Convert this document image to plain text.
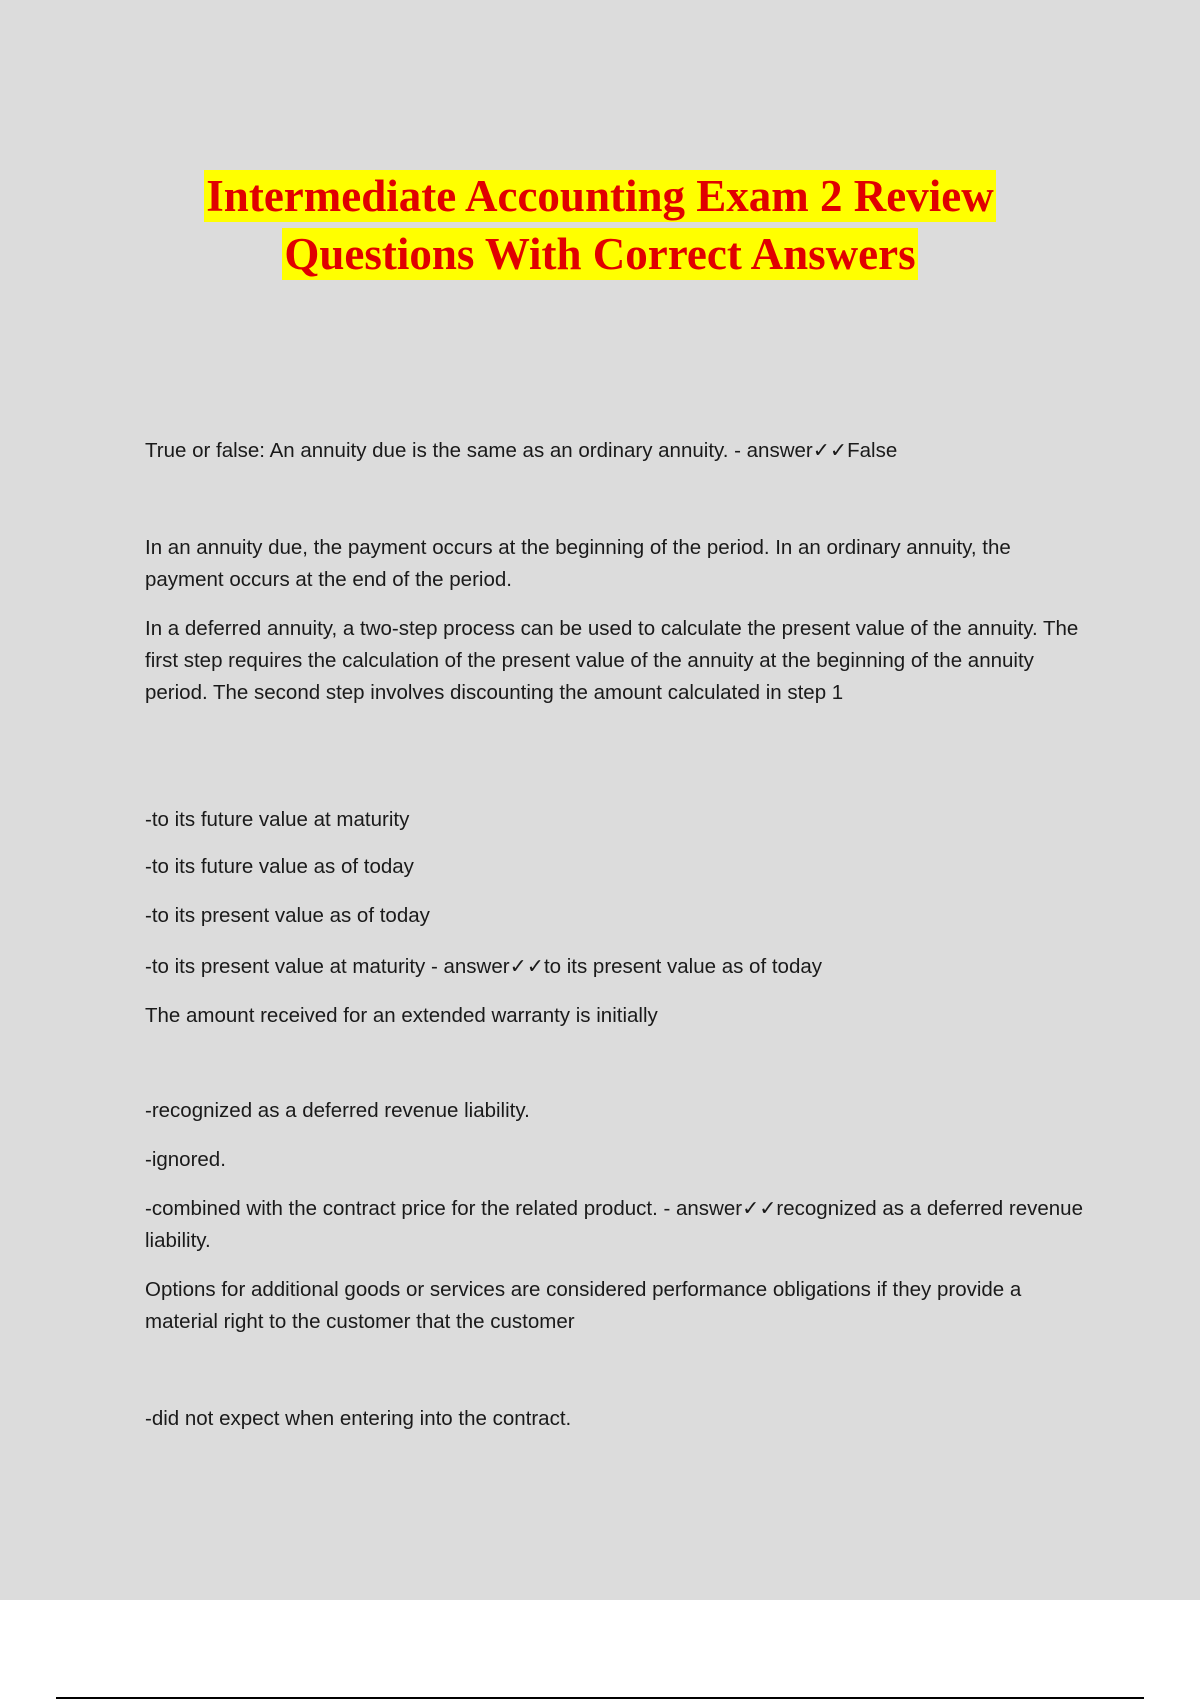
Intermediate Accounting Exam 2 Review
Questions With Correct Answers

True or false: An annuity due is the same as an ordinary annuity. - answer✓✓False

In an annuity due, the payment occurs at the beginning of the period. In an ordinary annuity, the payment occurs at the end of the period.

In a deferred annuity, a two-step process can be used to calculate the present value of the annuity. The first step requires the calculation of the present value of the annuity at the beginning of the annuity period. The second step involves discounting the amount calculated in step 1

-to its future value at maturity

-to its future value as of today

-to its present value as of today

-to its present value at maturity - answer✓✓to its present value as of today

The amount received for an extended warranty is initially

-recognized as a deferred revenue liability.

-ignored.

-combined with the contract price for the related product. - answer✓✓recognized as a deferred revenue liability.

Options for additional goods or services are considered performance obligations if they provide a material right to the customer that the customer

-did not expect when entering into the contract.
